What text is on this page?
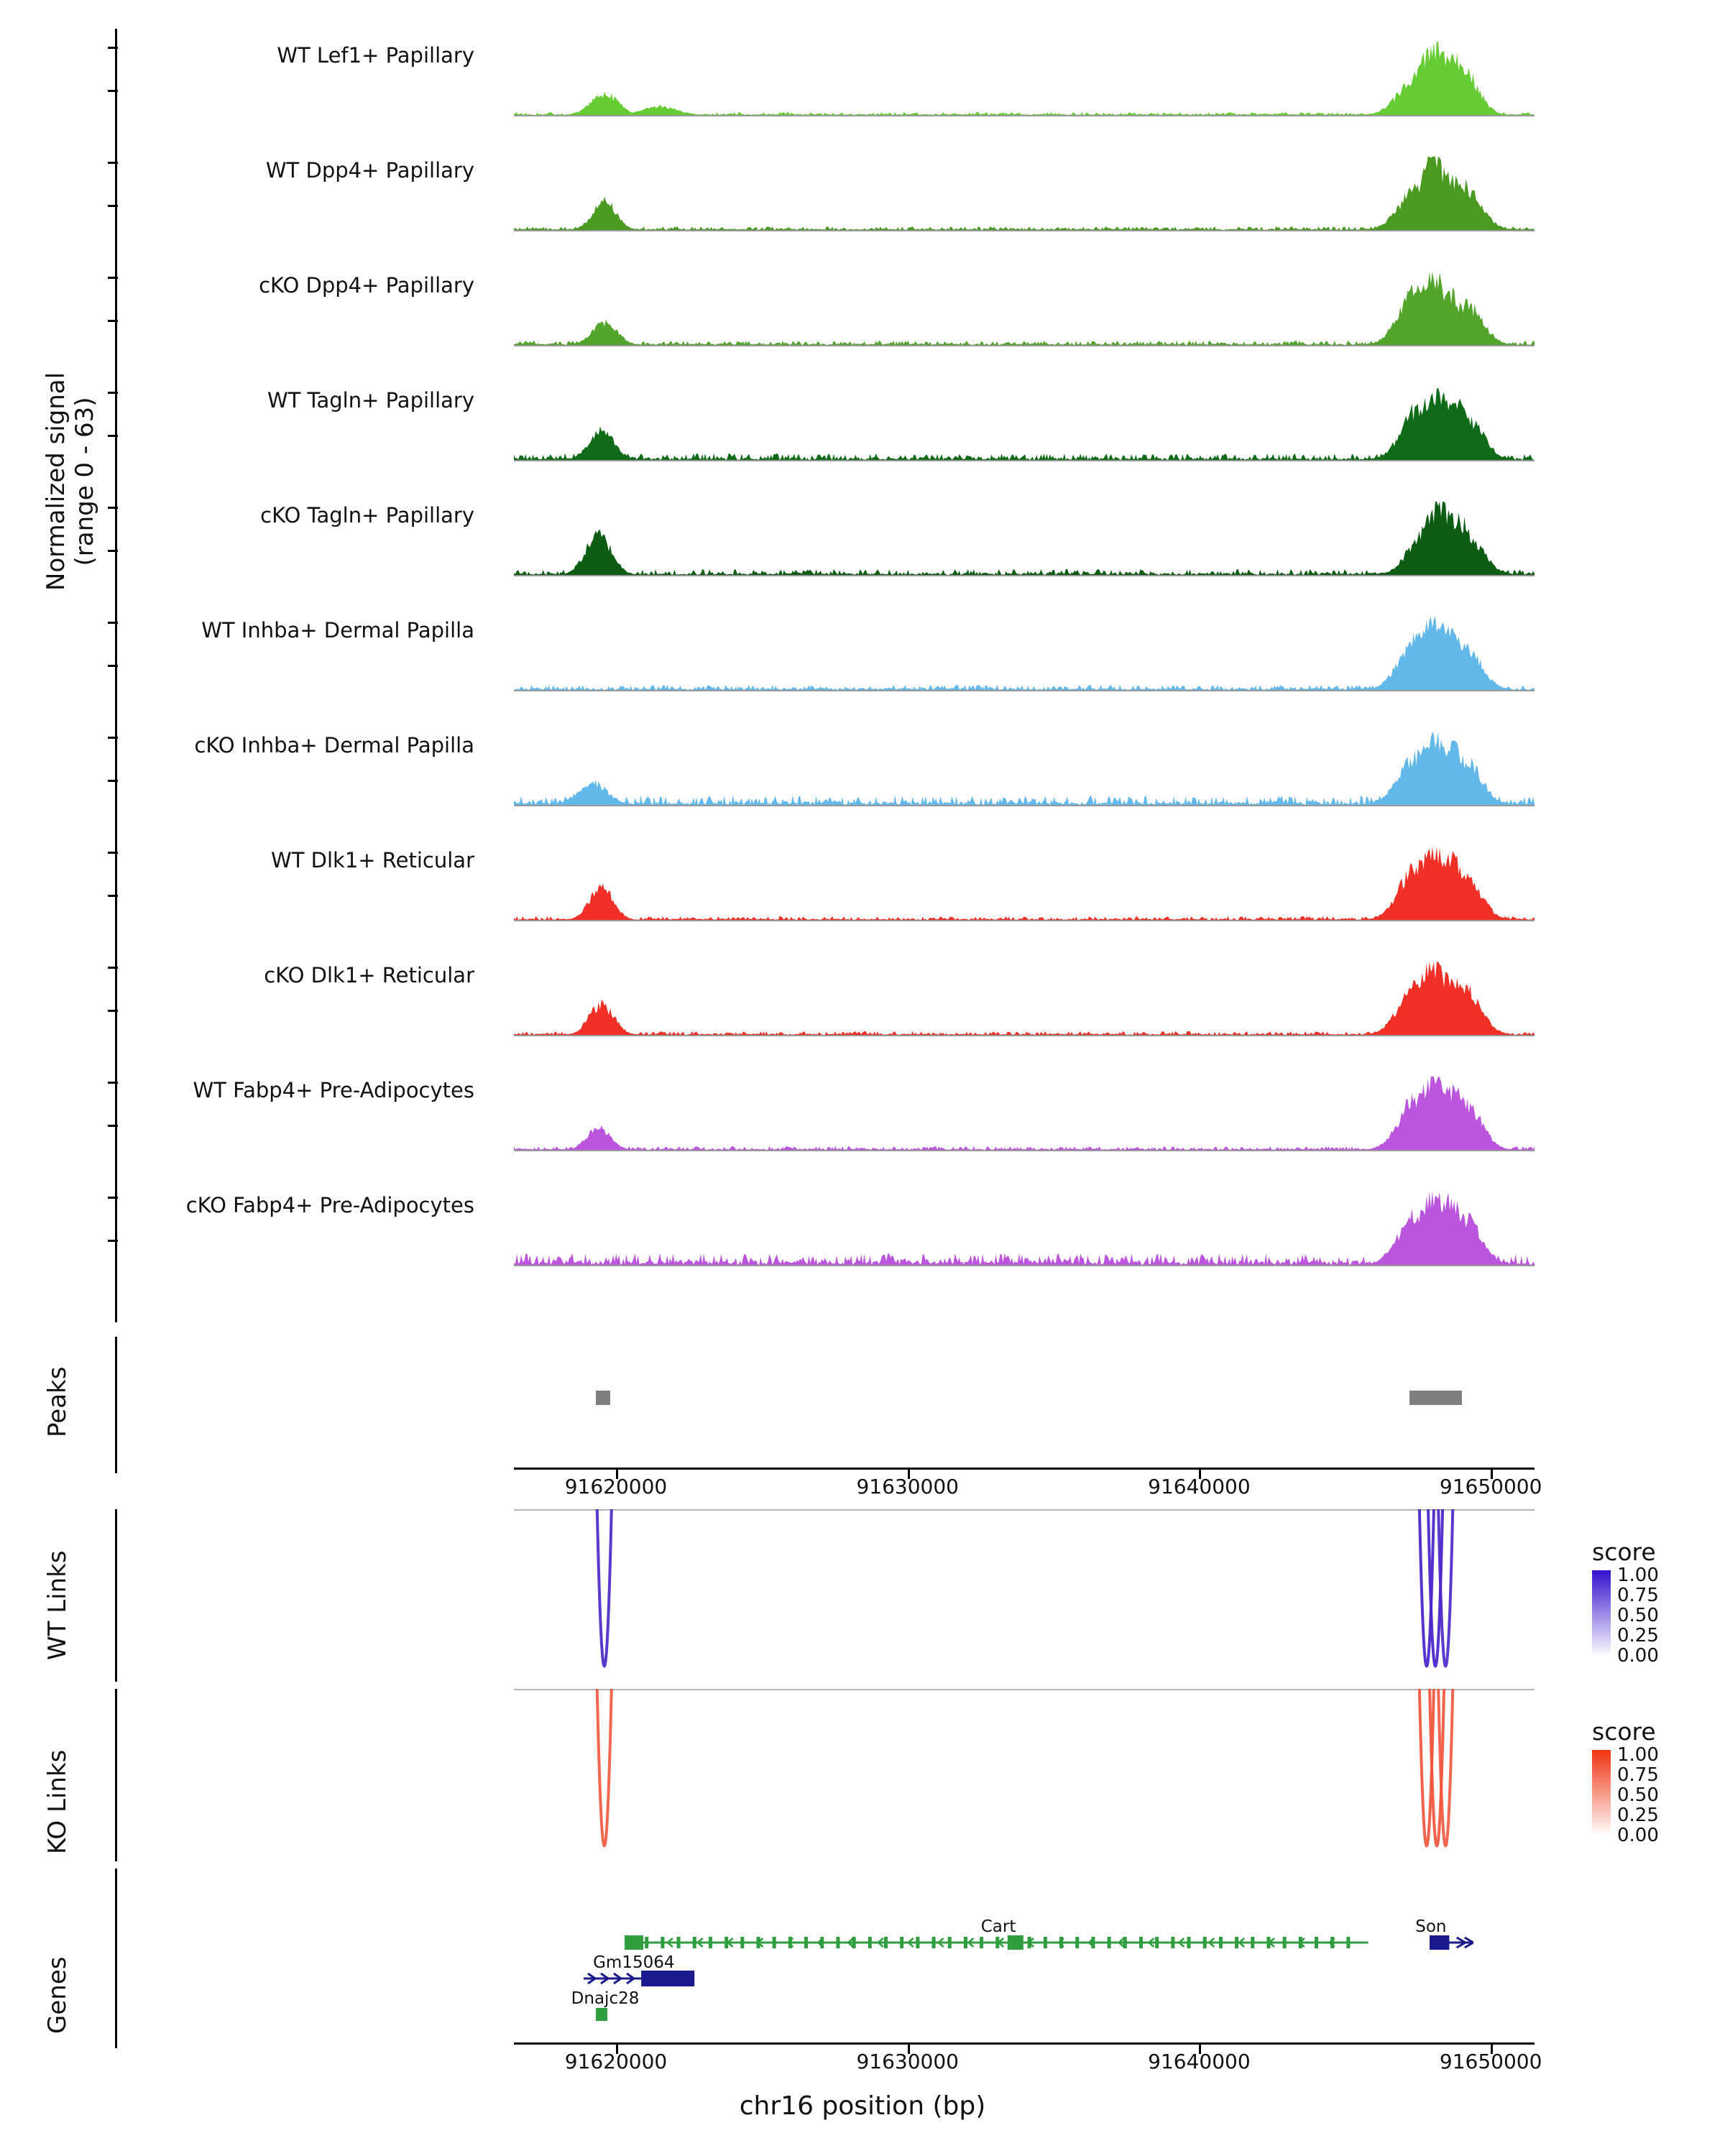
Normalized signal
(range 0 - 63)
WT Lef1+ Papillary
WT Dpp4+ Papillary
cKO Dpp4+ Papillary
WT Tagln+ Papillary
cKO Tagln+ Papillary
WT Inhba+ Dermal Papilla
cKO Inhba+ Dermal Papilla
WT Dlk1+ Reticular
cKO Dlk1+ Reticular
WT Fabp4+ Pre-Adipocytes
cKO Fabp4+ Pre-Adipocytes
Peaks
91620000	91630000	91640000	91650000
WT Links
KO Links
Genes
Cart	Son
Gm15064
Dnajc28
91620000	91630000	91640000	91650000
chr16 position (bp)
score
1.00
0.75
0.50
0.25
0.00
score
1.00
0.75
0.50
0.25
0.00
